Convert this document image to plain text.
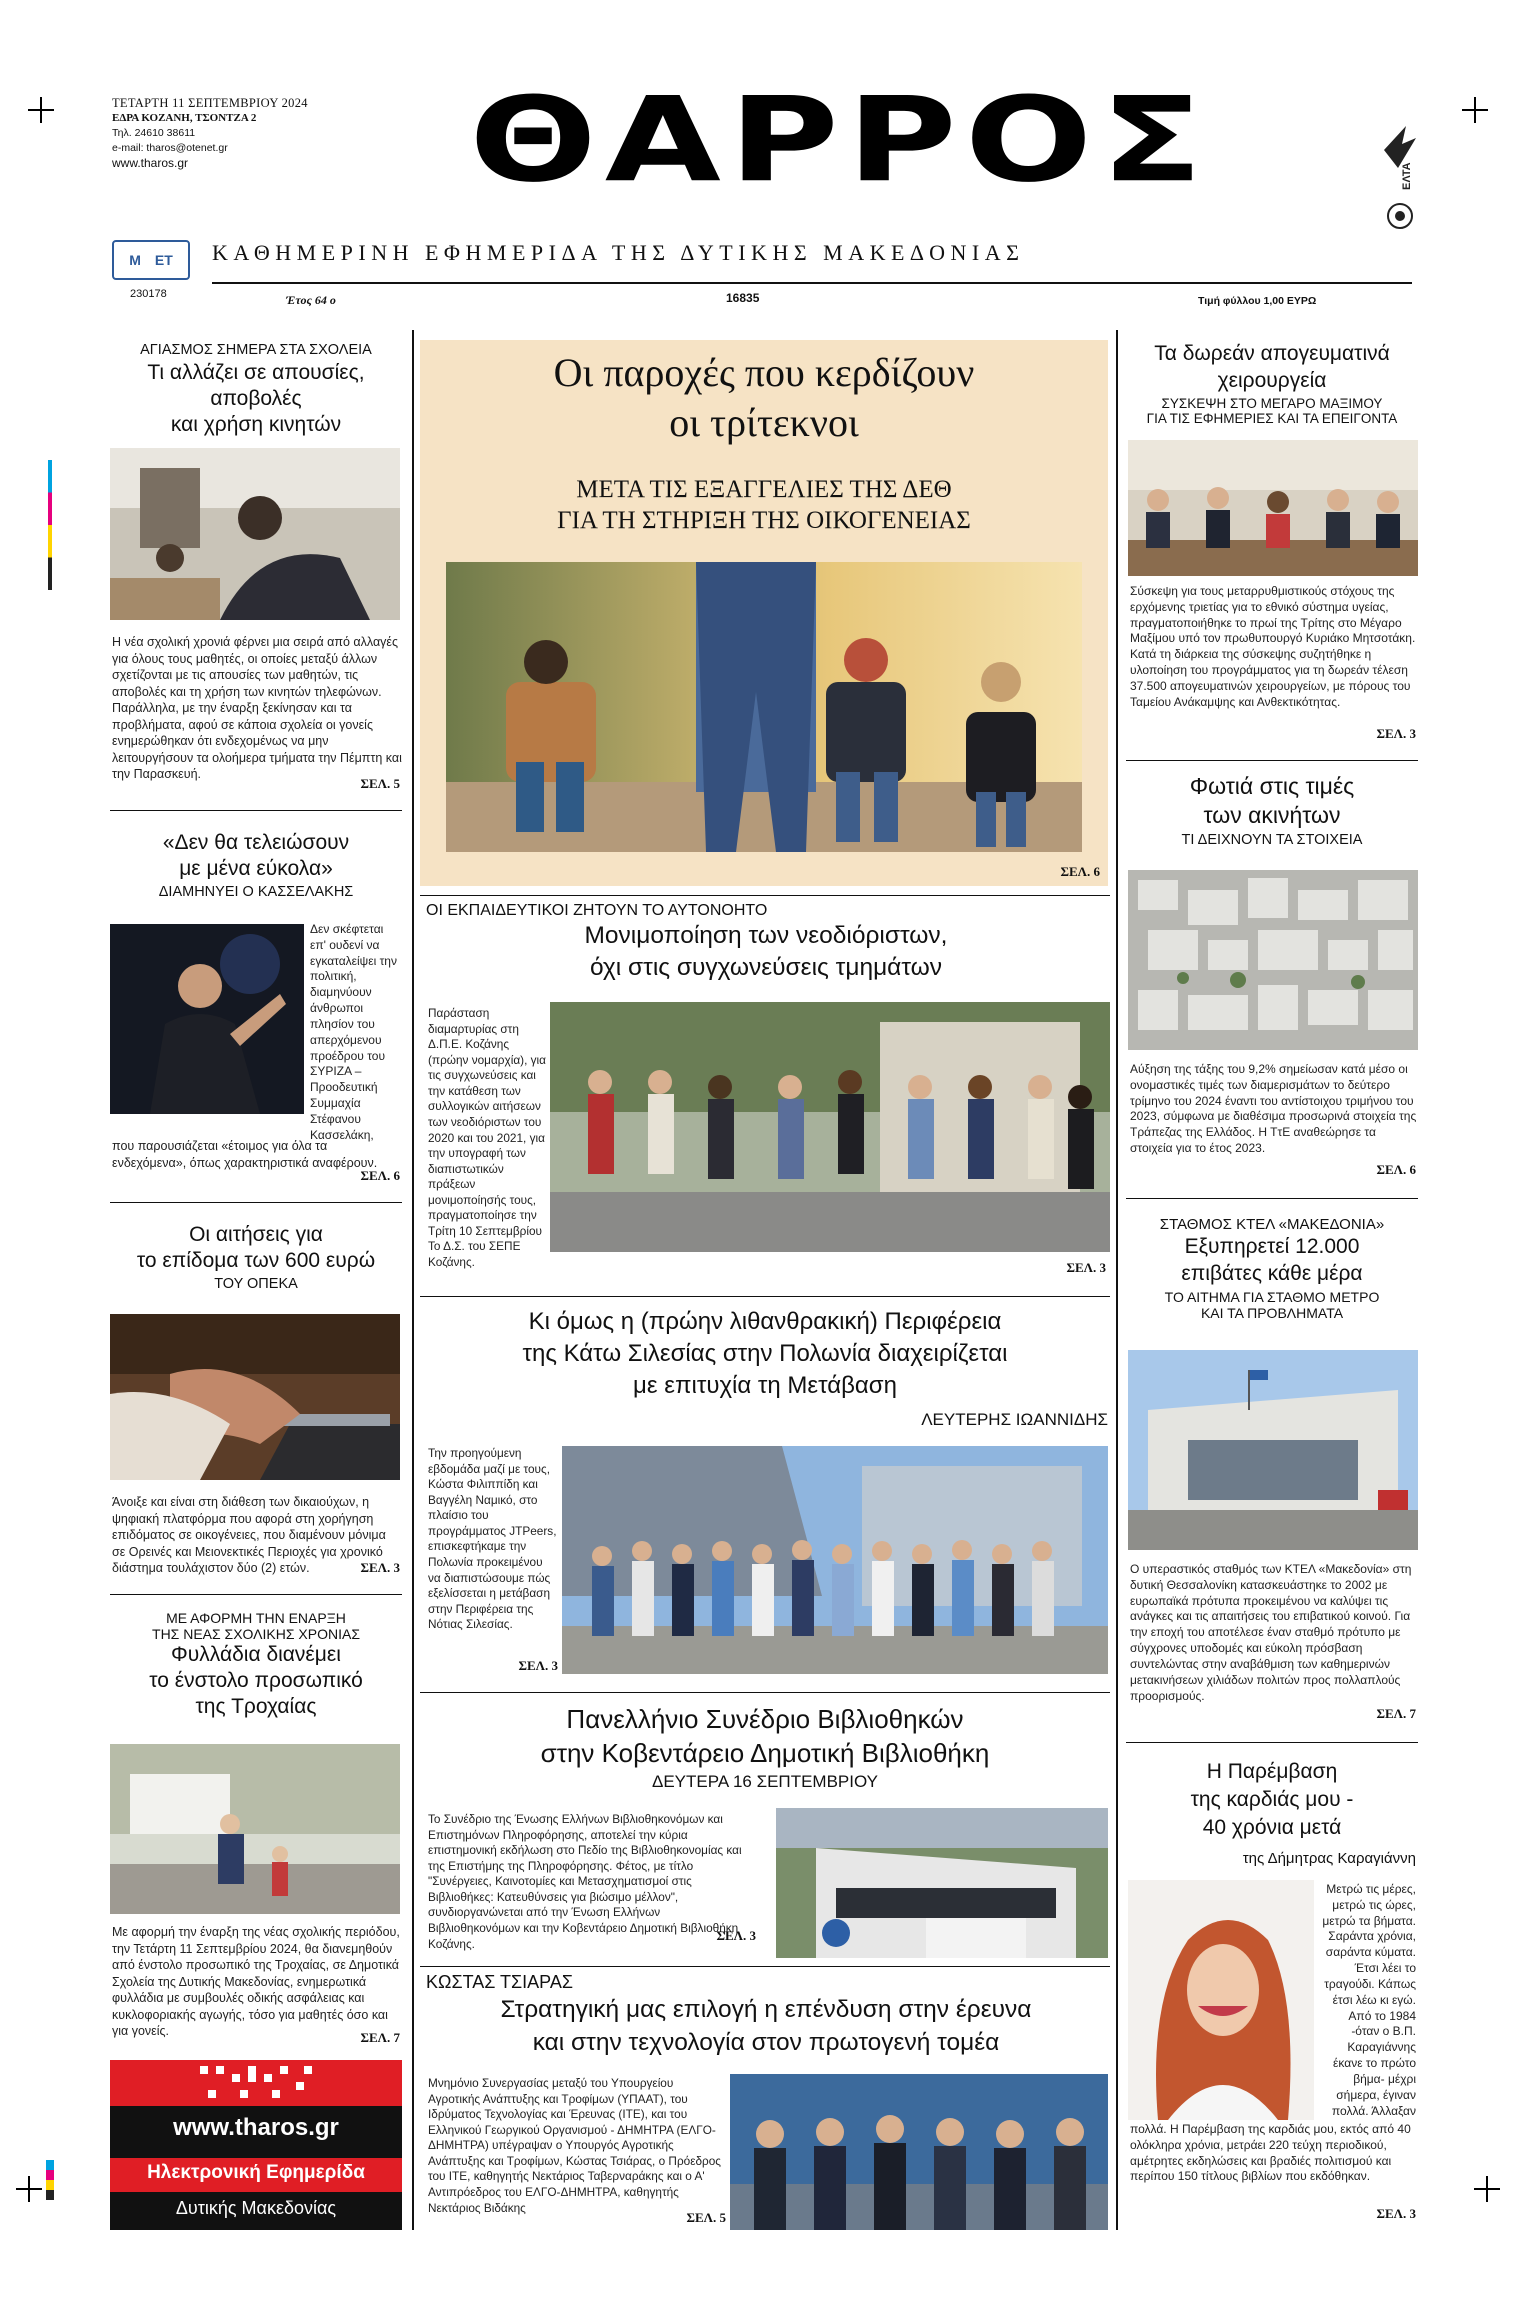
ΤΕΤΑΡΤΗ 11 ΣΕΠΤΕΜΒΡΙΟΥ 2024
ΕΔΡΑ ΚΟΖΑΝΗ, ΤΣΟΝΤΖΑ 2
Τηλ. 24610 38611
e-mail: tharos@otenet.gr
www.tharos.gr	ΘΑΡΡΟΣ	ΕΛΤΑ
Μ ΕΤ
230178
ΚΑΘΗΜΕΡΙΝΗ ΕΦΗΜΕΡΙΔΑ ΤΗΣ ΔΥΤΙΚΗΣ ΜΑΚΕΔΟΝΙΑΣ
Έτος 64 ο	16835	Τιμή φύλλου 1,00 ΕΥΡΩ
ΑΓΙΑΣΜΟΣ ΣΗΜΕΡΑ ΣΤΑ ΣΧΟΛΕΙΑ
Τι αλλάζει σε απουσίες,
αποβολές
και χρήση κινητών
Η νέα σχολική χρονιά φέρνει μια σειρά από αλλαγές για όλους τους μαθητές, οι οποίες μεταξύ άλλων σχετίζονται με τις απουσίες των μαθητών, τις αποβολές και τη χρήση των κινητών τηλεφώνων. Παράλληλα, με την έναρξη ξεκίνησαν και τα προβλήματα, αφού σε κάποια σχολεία οι γονείς ενημερώθηκαν ότι ενδεχομένως να μην λειτουργήσουν τα ολοήμερα τμήματα την Πέμπτη και την Παρασκευή.
ΣΕΛ. 5
«Δεν θα τελειώσουν
με μένα εύκολα»
ΔΙΑΜΗΝΥΕΙ Ο ΚΑΣΣΕΛΑΚΗΣ
Δεν σκέφτεται επ' ουδενί να εγκαταλείψει την πολιτική, διαμηνύουν άνθρωποι πλησίον του απερχόμενου προέδρου του ΣΥΡΙΖΑ – Προοδευτική Συμμαχία Στέφανου Κασσελάκη,
που παρουσιάζεται «έτοιμος για όλα τα ενδεχόμενα», όπως χαρακτηριστικά αναφέρουν.
ΣΕΛ. 6
Οι αιτήσεις για
το επίδομα των 600 ευρώ
ΤΟΥ ΟΠΕΚΑ
Άνοιξε και είναι στη διάθεση των δικαιούχων, η ψηφιακή πλατφόρμα που αφορά στη χορήγηση επιδόματος σε οικογένειες, που διαμένουν μόνιμα σε Ορεινές και Μειονεκτικές Περιοχές για χρονικό διάστημα τουλάχιστον δύο (2) ετών.	ΣΕΛ. 3
ΜΕ ΑΦΟΡΜΗ ΤΗΝ ΕΝΑΡΞΗ
ΤΗΣ ΝΕΑΣ ΣΧΟΛΙΚΗΣ ΧΡΟΝΙΑΣ
Φυλλάδια διανέμει
το ένστολο προσωπικό
της Τροχαίας
Με αφορμή την έναρξη της νέας σχολικής περιόδου, την Τετάρτη 11 Σεπτεμβρίου 2024, θα διανεμηθούν από ένστολο προσωπικό της Τροχαίας, σε Δημοτικά Σχολεία της Δυτικής Μακεδονίας, ενημερωτικά φυλλάδια με συμβουλές οδικής ασφάλειας και κυκλοφοριακής αγωγής, τόσο για μαθητές όσο και για γονείς.	ΣΕΛ. 7
www.tharos.gr
Ηλεκτρονική Εφημερίδα
Δυτικής Μακεδονίας
Οι παροχές που κερδίζουν
οι τρίτεκνοι
ΜΕΤΑ ΤΙΣ ΕΞΑΓΓΕΛΙΕΣ ΤΗΣ ΔΕΘ
ΓΙΑ ΤΗ ΣΤΗΡΙΞΗ ΤΗΣ ΟΙΚΟΓΕΝΕΙΑΣ
ΣΕΛ. 6
ΟΙ ΕΚΠΑΙΔΕΥΤΙΚΟΙ ΖΗΤΟΥΝ ΤΟ ΑΥΤΟΝΟΗΤΟ
Μονιμοποίηση των νεοδιόριστων,
όχι στις συγχωνεύσεις τμημάτων
Παράσταση διαμαρτυρίας στη Δ.Π.Ε. Κοζάνης (πρώην νομαρχία), για τις συγχωνεύσεις και την κατάθεση των συλλογικών αιτήσεων των νεοδιόριστων του 2020 και του 2021, για την υπογραφή των διαπιστωτικών πράξεων μονιμοποίησής τους, πραγματοποίησε την Τρίτη 10 Σεπτεμβρίου Το Δ.Σ. του ΣΕΠΕ Κοζάνης.	ΣΕΛ. 3
Κι όμως η (πρώην λιθανθρακική) Περιφέρεια
της Κάτω Σιλεσίας στην Πολωνία διαχειρίζεται
με επιτυχία τη Μετάβαση
ΛΕΥΤΕΡΗΣ ΙΩΑΝΝΙΔΗΣ
Την προηγούμενη εβδομάδα μαζί με τους, Κώστα Φιλιππίδη και Βαγγέλη Ναμικό, στο πλαίσιο του προγράμματος JTPeers, επισκεφτήκαμε την Πολωνία προκειμένου να διαπιστώσουμε πώς εξελίσσεται η μετάβαση στην Περιφέρεια της Νότιας Σιλεσίας.
ΣΕΛ. 3
Πανελλήνιο Συνέδριο Βιβλιοθηκών
στην Κοβεντάρειο Δημοτική Βιβλιοθήκη
ΔΕΥΤΕΡΑ 16 ΣΕΠΤΕΜΒΡΙΟΥ
Το Συνέδριο της Ένωσης Ελλήνων Βιβλιοθηκονόμων και Επιστημόνων Πληροφόρησης, αποτελεί την κύρια επιστημονική εκδήλωση στο Πεδίο της Βιβλιοθηκονομίας και της Επιστήμης της Πληροφόρησης. Φέτος, με τίτλο "Συνέργειες, Καινοτομίες και Μετασχηματισμοί στις Βιβλιοθήκες: Κατευθύνσεις για βιώσιμο μέλλον", συνδιοργανώνεται από την Ένωση Ελλήνων Βιβλιοθηκονόμων και την Κοβεντάρειο Δημοτική Βιβλιοθήκη Κοζάνης.
ΣΕΛ. 3
ΚΩΣΤΑΣ ΤΣΙΑΡΑΣ
Στρατηγική μας επιλογή η επένδυση στην έρευνα
και στην τεχνολογία στον πρωτογενή τομέα
Μνημόνιο Συνεργασίας μεταξύ του Υπουργείου Αγροτικής Ανάπτυξης και Τροφίμων (ΥΠΑΑΤ), του Ιδρύματος Τεχνολογίας και Έρευνας (ΙΤΕ), και του Ελληνικού Γεωργικού Οργανισμού - ΔΗΜΗΤΡΑ (ΕΛΓΟ-ΔΗΜΗΤΡΑ) υπέγραψαν ο Υπουργός Αγροτικής Ανάπτυξης και Τροφίμων, Κώστας Τσιάρας, ο Πρόεδρος του ΙΤΕ, καθηγητής Νεκτάριος Ταβερναράκης και ο Α' Αντιπρόεδρος του ΕΛΓΟ-ΔΗΜΗΤΡΑ, καθηγητής Νεκτάριος Βιδάκης
ΣΕΛ. 5
Τα δωρεάν απογευματινά
χειρουργεία
ΣΥΣΚΕΨΗ ΣΤΟ ΜΕΓΑΡΟ ΜΑΞΙΜΟΥ
ΓΙΑ ΤΙΣ ΕΦΗΜΕΡΙΕΣ ΚΑΙ ΤΑ ΕΠΕΙΓΟΝΤΑ
Σύσκεψη για τους μεταρρυθμιστικούς στόχους της ερχόμενης τριετίας για το εθνικό σύστημα υγείας, πραγματοποιήθηκε το πρωί της Τρίτης στο Μέγαρο Μαξίμου υπό τον πρωθυπουργό Κυριάκο Μητσοτάκη. Κατά τη διάρκεια της σύσκεψης συζητήθηκε η υλοποίηση του προγράμματος για τη δωρεάν τέλεση 37.500 απογευματινών χειρουργείων, με πόρους του Ταμείου Ανάκαμψης και Ανθεκτικότητας.
ΣΕΛ. 3
Φωτιά στις τιμές
των ακινήτων
ΤΙ ΔΕΙΧΝΟΥΝ ΤΑ ΣΤΟΙΧΕΙΑ
Αύξηση της τάξης του 9,2% σημείωσαν κατά μέσο οι ονομαστικές τιμές των διαμερισμάτων το δεύτερο τρίμηνο του 2024 έναντι του αντίστοιχου τριμήνου του 2023, σύμφωνα με διαθέσιμα προσωρινά στοιχεία της Τράπεζας της Ελλάδος. Η ΤτΕ αναθεώρησε τα στοιχεία για το έτος 2023.
ΣΕΛ. 6
ΣΤΑΘΜΟΣ ΚΤΕΛ «ΜΑΚΕΔΟΝΙΑ»
Εξυπηρετεί 12.000
επιβάτες κάθε μέρα
ΤΟ ΑΙΤΗΜΑ ΓΙΑ ΣΤΑΘΜΟ ΜΕΤΡΟ
ΚΑΙ ΤΑ ΠΡΟΒΛΗΜΑΤΑ
Ο υπεραστικός σταθμός των ΚΤΕΛ «Μακεδονία» στη δυτική Θεσσαλονίκη κατασκευάστηκε το 2002 με ευρωπαϊκά πρότυπα προκειμένου να καλύψει τις ανάγκες και τις απαιτήσεις του επιβατικού κοινού. Για την εποχή του αποτέλεσε έναν σταθμό πρότυπο με σύγχρονες υποδομές και εύκολη πρόσβαση συντελώντας στην αναβάθμιση των καθημερινών μετακινήσεων χιλιάδων πολιτών προς πολλαπλούς προορισμούς.
ΣΕΛ. 7
Η Παρέμβαση
της καρδιάς μου -
40 χρόνια μετά
της Δήμητρας Καραγιάννη
Μετρώ τις μέρες, μετρώ τις ώρες, μετρώ τα βήματα. Σαράντα χρόνια, σαράντα κύματα. Έτσι λέει το τραγούδι. Κάπως έτσι λέω κι εγώ. Από το 1984 -όταν ο Β.Π. Καραγιάννης έκανε το πρώτο βήμα- μέχρι σήμερα, έγιναν πολλά. Άλλαξαν
πολλά. Η Παρέμβαση της καρδιάς μου, εκτός από 40 ολόκληρα χρόνια, μετράει 220 τεύχη περιοδικού, αμέτρητες εκδηλώσεις και βραδιές πολιτισμού και περίπου 150 τίτλους βιβλίων που εκδόθηκαν.
ΣΕΛ. 3
